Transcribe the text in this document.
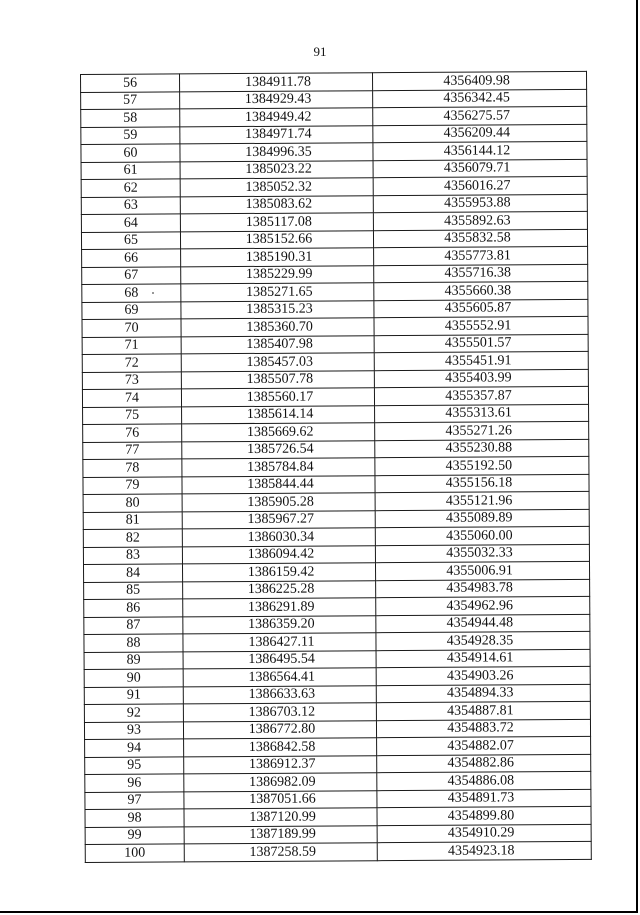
91
56	1384911.78	4356409.98
57	1384929.43	4356342.45
58	1384949.42	4356275.57
59	1384971.74	4356209.44
60	1384996.35	4356144.12
61	1385023.22	4356079.71
62	1385052.32	4356016.27
63	1385083.62	4355953.88
64	1385117.08	4355892.63
65	1385152.66	4355832.58
66	1385190.31	4355773.81
67	1385229.99	4355716.38
68	1385271.65	4355660.38
69	1385315.23	4355605.87
70	1385360.70	4355552.91
71	1385407.98	4355501.57
72	1385457.03	4355451.91
73	1385507.78	4355403.99
74	1385560.17	4355357.87
75	1385614.14	4355313.61
76	1385669.62	4355271.26
77	1385726.54	4355230.88
78	1385784.84	4355192.50
79	1385844.44	4355156.18
80	1385905.28	4355121.96
81	1385967.27	4355089.89
82	1386030.34	4355060.00
83	1386094.42	4355032.33
84	1386159.42	4355006.91
85	1386225.28	4354983.78
86	1386291.89	4354962.96
87	1386359.20	4354944.48
88	1386427.11	4354928.35
89	1386495.54	4354914.61
90	1386564.41	4354903.26
91	1386633.63	4354894.33
92	1386703.12	4354887.81
93	1386772.80	4354883.72
94	1386842.58	4354882.07
95	1386912.37	4354882.86
96	1386982.09	4354886.08
97	1387051.66	4354891.73
98	1387120.99	4354899.80
99	1387189.99	4354910.29
100	1387258.59	4354923.18
